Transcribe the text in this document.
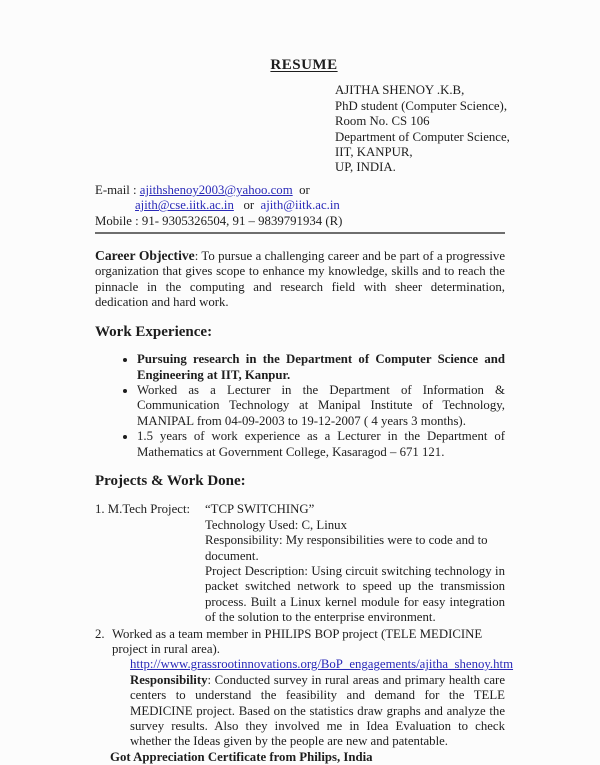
RESUME
AJITHA SHENOY .K.B,
PhD student (Computer Science),
Room No. CS 106
Department of Computer Science,
IIT, KANPUR,
UP, INDIA.
E-mail : ajithshenoy2003@yahoo.com  or
ajith@cse.iitk.ac.in   or  ajith@iitk.ac.in
Mobile : 91- 9305326504, 91 – 9839791934 (R)

Career Objective: To pursue a challenging career and be part of a progressive organization that gives scope to enhance my knowledge, skills and to reach the pinnacle in the computing and research field with sheer determination, dedication and hard work.

Work Experience:
• Pursuing research in the Department of Computer Science and Engineering at IIT, Kanpur.
• Worked as a Lecturer in the Department of Information & Communication Technology at Manipal Institute of Technology, MANIPAL from 04-09-2003 to 19-12-2007 ( 4 years 3 months).
• 1.5 years of work experience as a Lecturer in the Department of Mathematics at Government College, Kasaragod – 671 121.
Projects & Work Done:
1. M.Tech Project:	“TCP SWITCHING”
Technology Used: C, Linux
Responsibility: My responsibilities were to code and to document.
Project Description: Using circuit switching technology in packet switched network to speed up the transmission process. Built a Linux kernel module for easy integration of the solution to the enterprise environment.
2. Worked as a team member in PHILIPS BOP project (TELE MEDICINE project in rural area).
http://www.grassrootinnovations.org/BoP_engagements/ajitha_shenoy.htm
Responsibility: Conducted survey in rural areas and primary health care centers to understand the feasibility and demand for the TELE MEDICINE project. Based on the statistics draw graphs and analyze the survey results. Also they involved me in Idea Evaluation to check whether the Ideas given by the people are new and patentable.
Got Appreciation Certificate from Philips, India
